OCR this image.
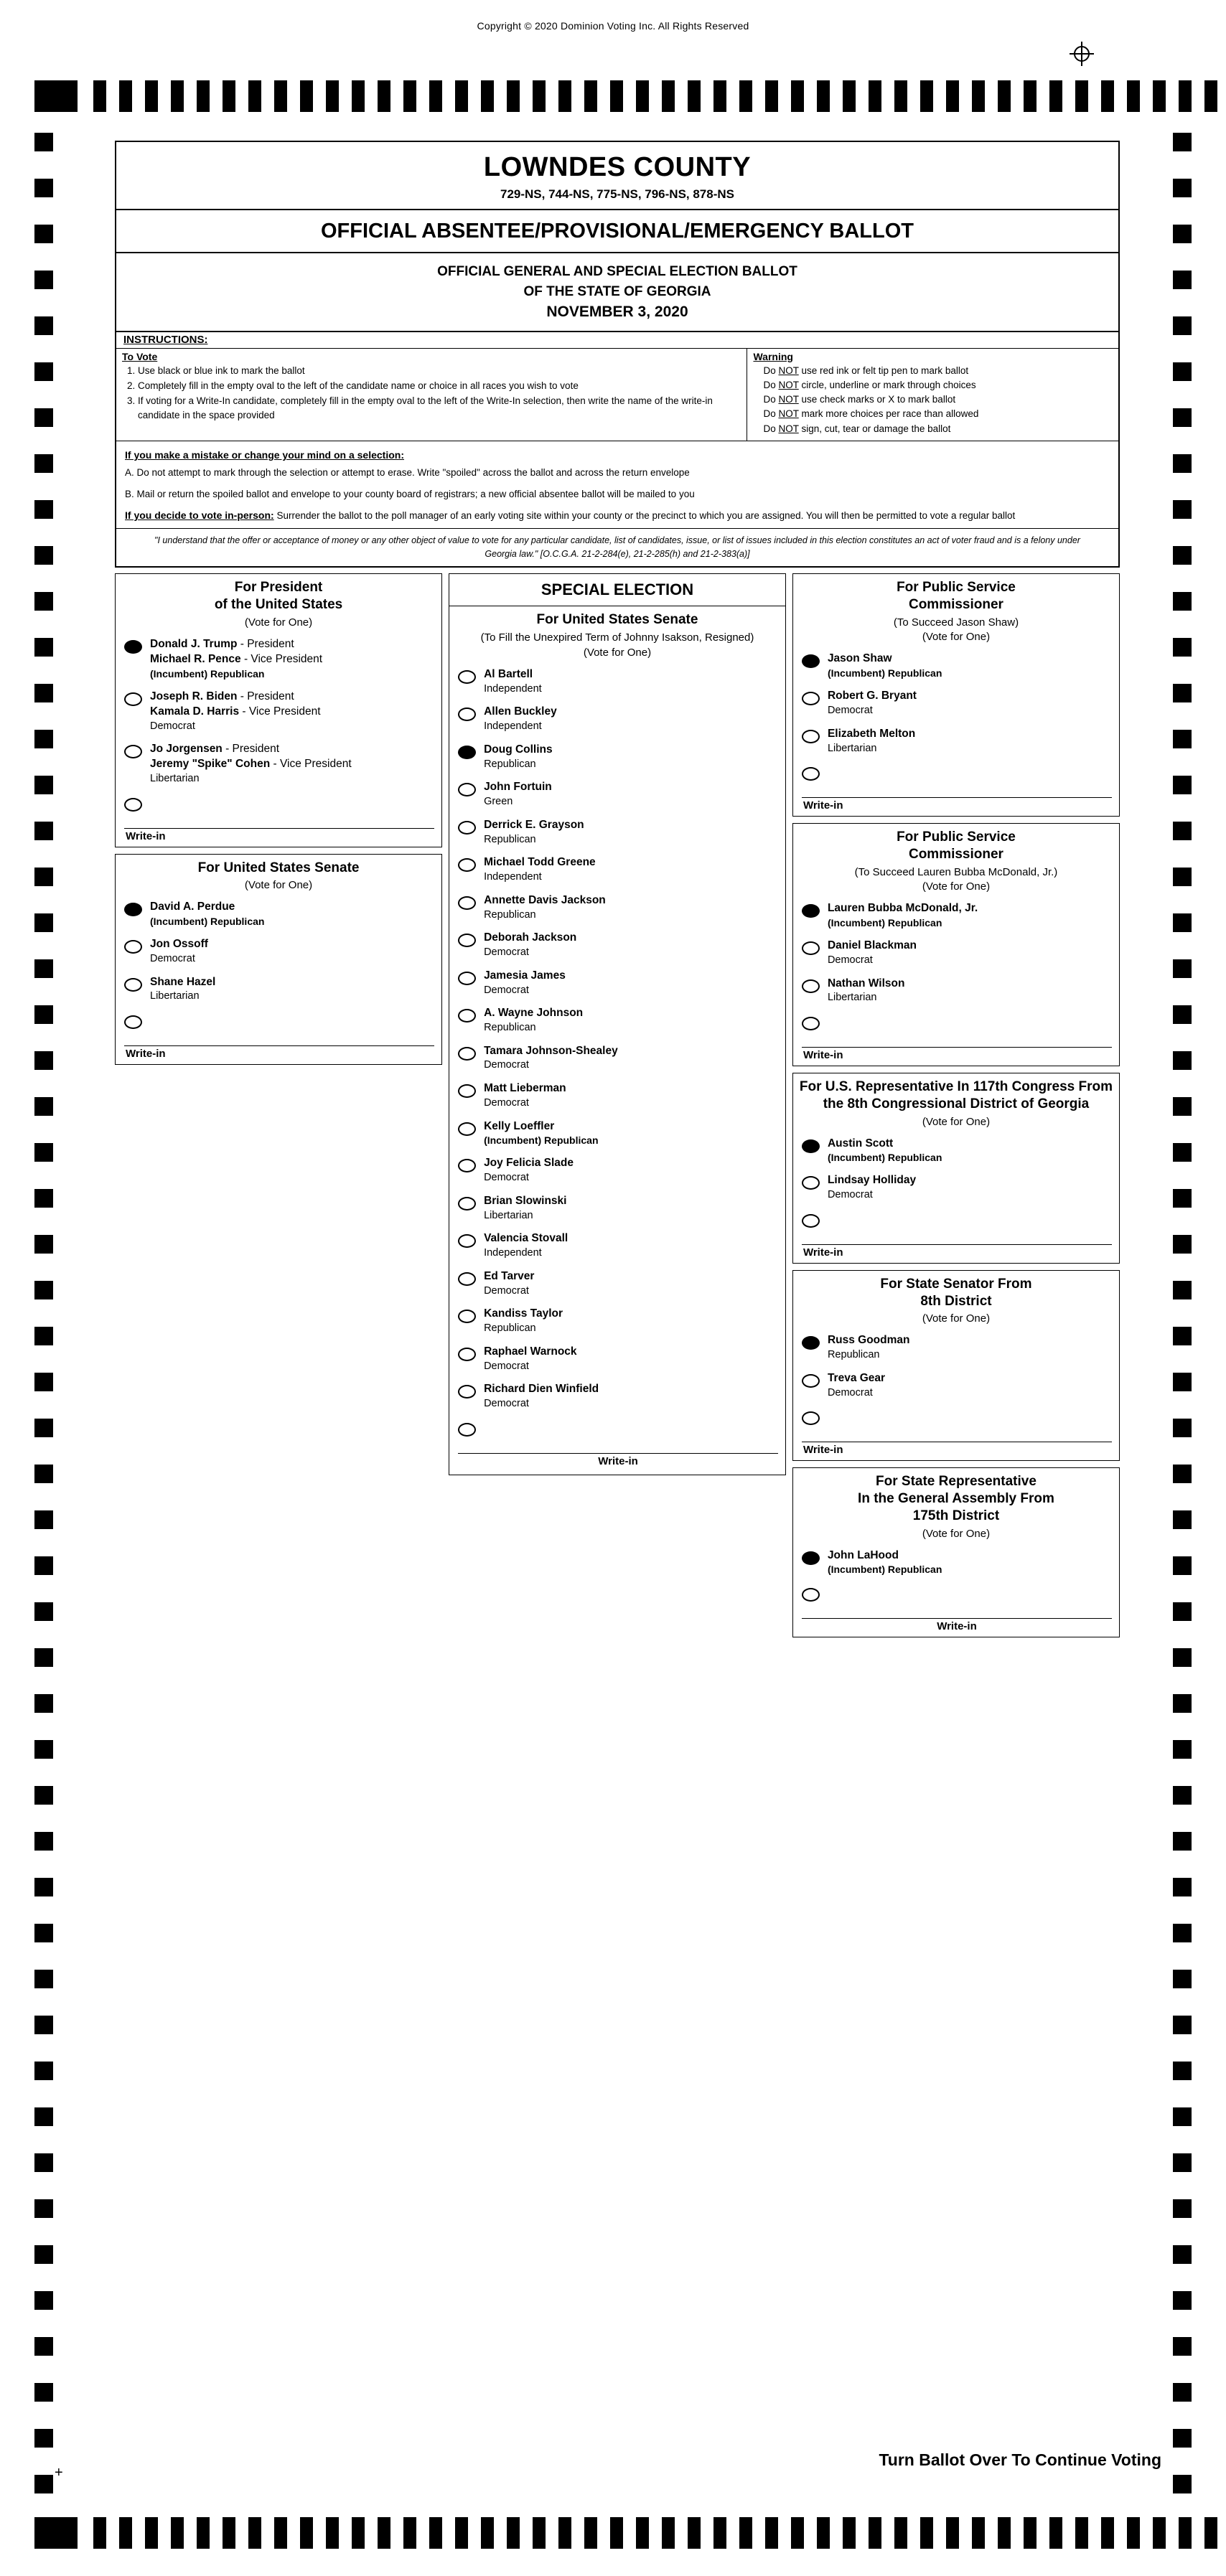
Copyright © 2020 Dominion Voting Inc. All Rights Reserved
LOWNDES COUNTY
729-NS, 744-NS, 775-NS, 796-NS, 878-NS
OFFICIAL ABSENTEE/PROVISIONAL/EMERGENCY BALLOT
OFFICIAL GENERAL AND SPECIAL ELECTION BALLOT
OF THE STATE OF GEORGIA
NOVEMBER 3, 2020
INSTRUCTIONS:
To Vote
1. Use black or blue ink to mark the ballot
2. Completely fill in the empty oval to the left of the candidate name or choice in all races you wish to vote
3. If voting for a Write-In candidate, completely fill in the empty oval to the left of the Write-In selection, then write the name of the write-in candidate in the space provided
Warning
Do NOT use red ink or felt tip pen to mark ballot
Do NOT circle, underline or mark through choices
Do NOT use check marks or X to mark ballot
Do NOT mark more choices per race than allowed
Do NOT sign, cut, tear or damage the ballot
If you make a mistake or change your mind on a selection:

A. Do not attempt to mark through the selection or attempt to erase. Write "spoiled" across the ballot and across the return envelope

B. Mail or return the spoiled ballot and envelope to your county board of registrars; a new official absentee ballot will be mailed to you

If you decide to vote in-person: Surrender the ballot to the poll manager of an early voting site within your county or the precinct to which you are assigned. You will then be permitted to vote a regular ballot
"I understand that the offer or acceptance of money or any other object of value to vote for any particular candidate, list of candidates, issue, or list of issues included in this election constitutes an act of voter fraud and is a felony under Georgia law." [O.C.G.A. 21-2-284(e), 21-2-285(h) and 21-2-383(a)]
For President
of the United States
(Vote for One)
Donald J. Trump - President
Michael R. Pence - Vice President
(Incumbent) Republican
Joseph R. Biden - President
Kamala D. Harris - Vice President
Democrat
Jo Jorgensen - President
Jeremy "Spike" Cohen - Vice President
Libertarian
Write-in
For United States Senate
(Vote for One)
David A. Perdue
(Incumbent) Republican
Jon Ossoff
Democrat
Shane Hazel
Libertarian
Write-in
SPECIAL ELECTION
For United States Senate
(To Fill the Unexpired Term of Johnny Isakson, Resigned)
(Vote for One)
Al Bartell
Independent
Allen Buckley
Independent
Doug Collins
Republican
John Fortuin
Green
Derrick E. Grayson
Republican
Michael Todd Greene
Independent
Annette Davis Jackson
Republican
Deborah Jackson
Democrat
Jamesia James
Democrat
A. Wayne Johnson
Republican
Tamara Johnson-Shealey
Democrat
Matt Lieberman
Democrat
Kelly Loeffler
(Incumbent) Republican
Joy Felicia Slade
Democrat
Brian Slowinski
Libertarian
Valencia Stovall
Independent
Ed Tarver
Democrat
Kandiss Taylor
Republican
Raphael Warnock
Democrat
Richard Dien Winfield
Democrat
Write-in
For Public Service
Commissioner
(To Succeed Jason Shaw)
(Vote for One)
Jason Shaw
(Incumbent) Republican
Robert G. Bryant
Democrat
Elizabeth Melton
Libertarian
Write-in
For Public Service
Commissioner
(To Succeed Lauren Bubba McDonald, Jr.)
(Vote for One)
Lauren Bubba McDonald, Jr.
(Incumbent) Republican
Daniel Blackman
Democrat
Nathan Wilson
Libertarian
Write-in
For U.S. Representative In 117th Congress From the 8th Congressional District of Georgia
(Vote for One)
Austin Scott
(Incumbent) Republican
Lindsay Holliday
Democrat
Write-in
For State Senator From
8th District
(Vote for One)
Russ Goodman
Republican
Treva Gear
Democrat
Write-in
For State Representative
In the General Assembly From
175th District
(Vote for One)
John LaHood
(Incumbent) Republican
Write-in
+
Turn Ballot Over To Continue Voting
